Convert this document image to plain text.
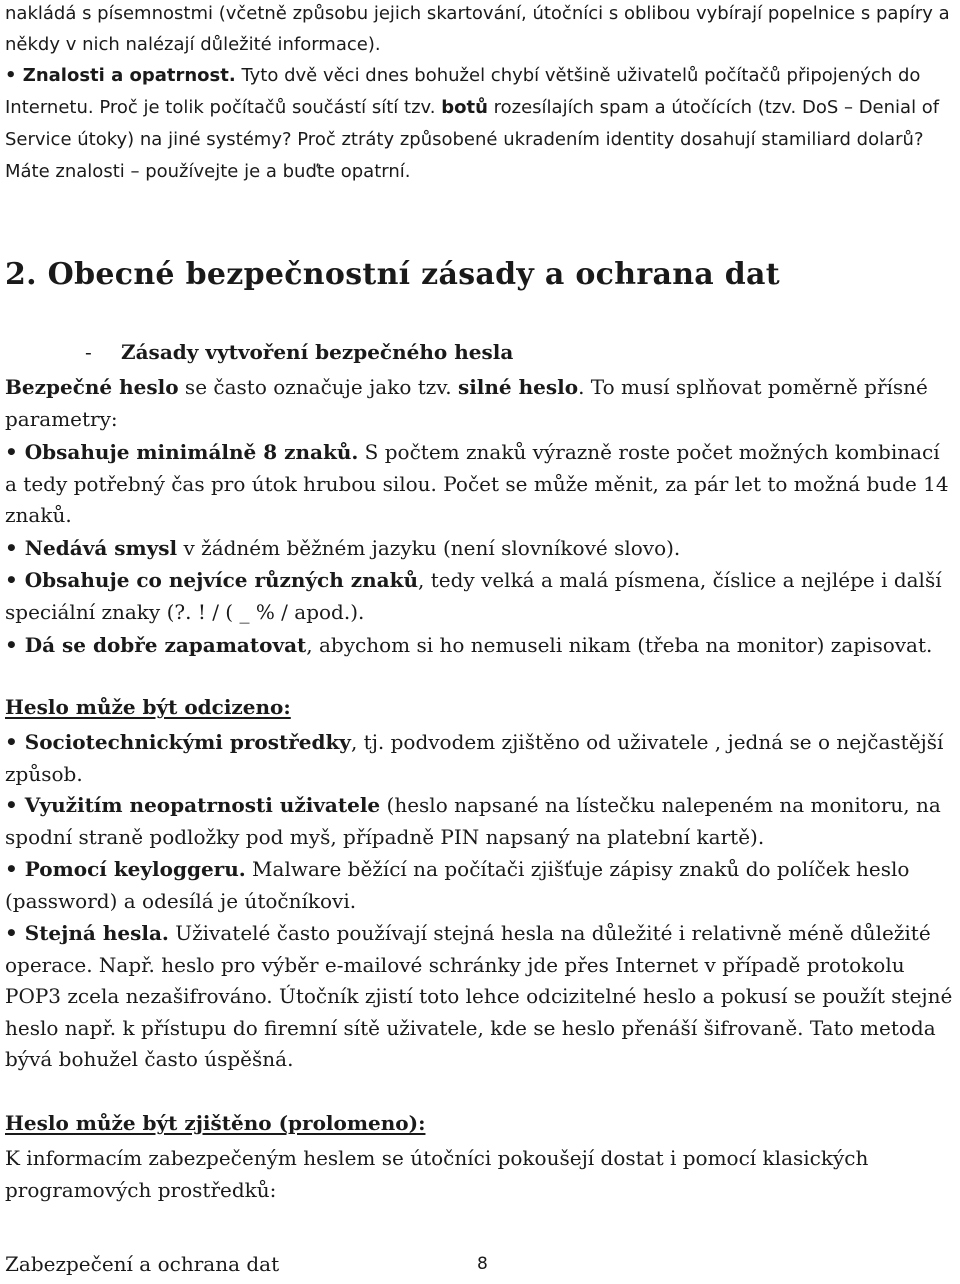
nakládá s písemnostmi (včetně způsobu jejich skartování, útočníci s oblibou vybírají popelnice s papíry a někdy v nich nalézají důležité informace).
• Znalosti a opatrnost. Tyto dvě věci dnes bohužel chybí většině uživatelů počítačů připojených do Internetu. Proč je tolik počítačů součástí sítí tzv. botů rozesílajích spam a útočících (tzv. DoS – Denial of Service útoky) na jiné systémy? Proč ztráty způsobené ukradením identity dosahují stamiliard dolarů? Máte znalosti – používejte je a buďte opatrní.
2. Obecné bezpečnostní zásady a ochrana dat
- Zásady vytvoření bezpečného hesla
Bezpečné heslo se často označuje jako tzv. silné heslo. To musí splňovat poměrně přísné parametry:
• Obsahuje minimálně 8 znaků. S počtem znaků výrazně roste počet možných kombinací a tedy potřebný čas pro útok hrubou silou. Počet se může měnit, za pár let to možná bude 14 znaků.
• Nedává smysl v žádném běžném jazyku (není slovníkové slovo).
• Obsahuje co nejvíce různých znaků, tedy velká a malá písmena, číslice a nejlépe i další speciální znaky (?. ! / ( _ % / apod.).
• Dá se dobře zapamatovat, abychom si ho nemuseli nikam (třeba na monitor) zapisovat.
Heslo může být odcizeno:
• Sociotechnickými prostředky, tj. podvodem zjištěno od uživatele , jedná se o nejčastější způsob.
• Využitím neopatrnosti uživatele (heslo napsané na lístečku nalepeném na monitoru, na spodní straně podložky pod myš, případně PIN napsaný na platební kartě).
• Pomocí keyloggeru. Malware běžící na počítači zjišťuje zápisy znaků do políček heslo (password) a odesílá je útočníkovi.
• Stejná hesla. Uživatelé často používají stejná hesla na důležité i relativně méně důležité operace. Např. heslo pro výběr e-mailové schránky jde přes Internet v případě protokolu POP3 zcela nezašifrováno. Útočník zjistí toto lehce odcizitelné heslo a pokusí se použít stejné heslo např. k přístupu do firemní sítě uživatele, kde se heslo přenáší šifrovaně. Tato metoda bývá bohužel často úspěšná.
Heslo může být zjištěno (prolomeno):
K informacím zabezpečeným heslem se útočníci pokoušejí dostat i pomocí klasických programových prostředků:
Zabezpečení a ochrana dat	8
